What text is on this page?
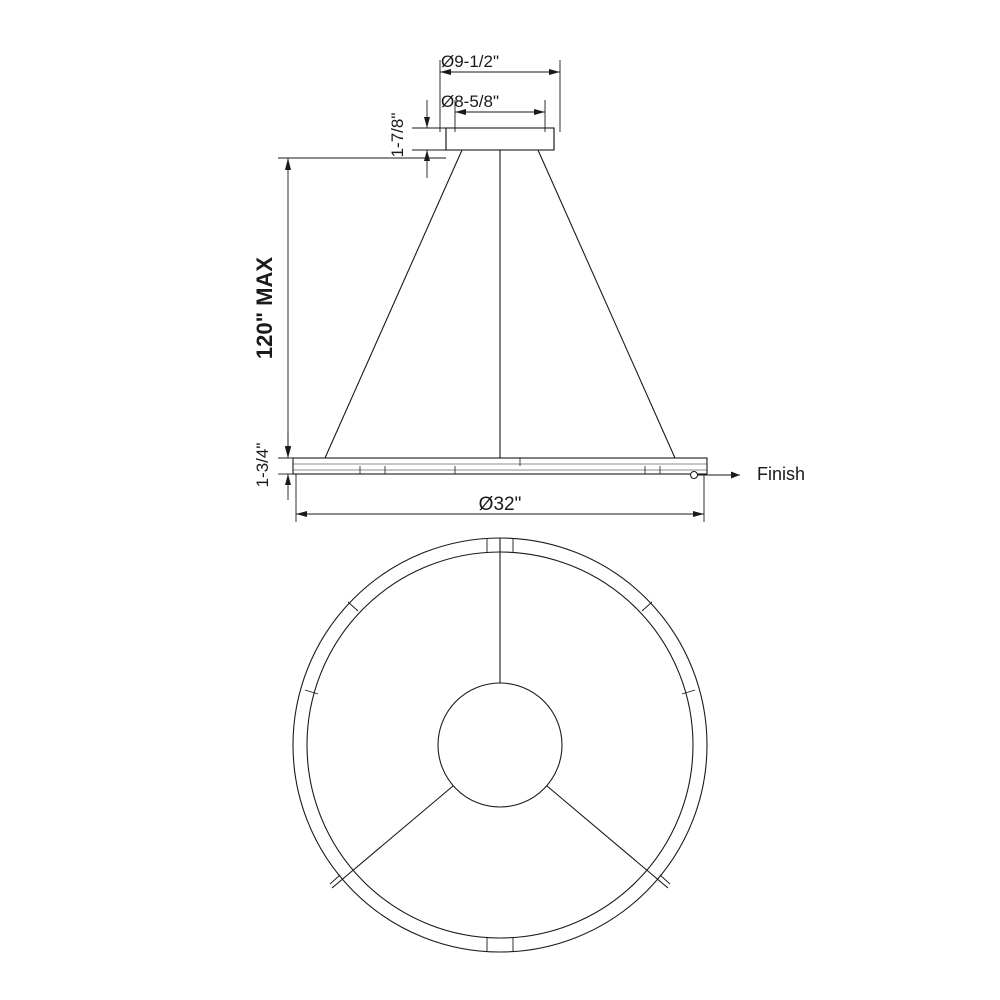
Ø9-1/2"
Ø8-5/8"
1-7/8"
120" MAX
1-3/4"
Ø32"
Finish
